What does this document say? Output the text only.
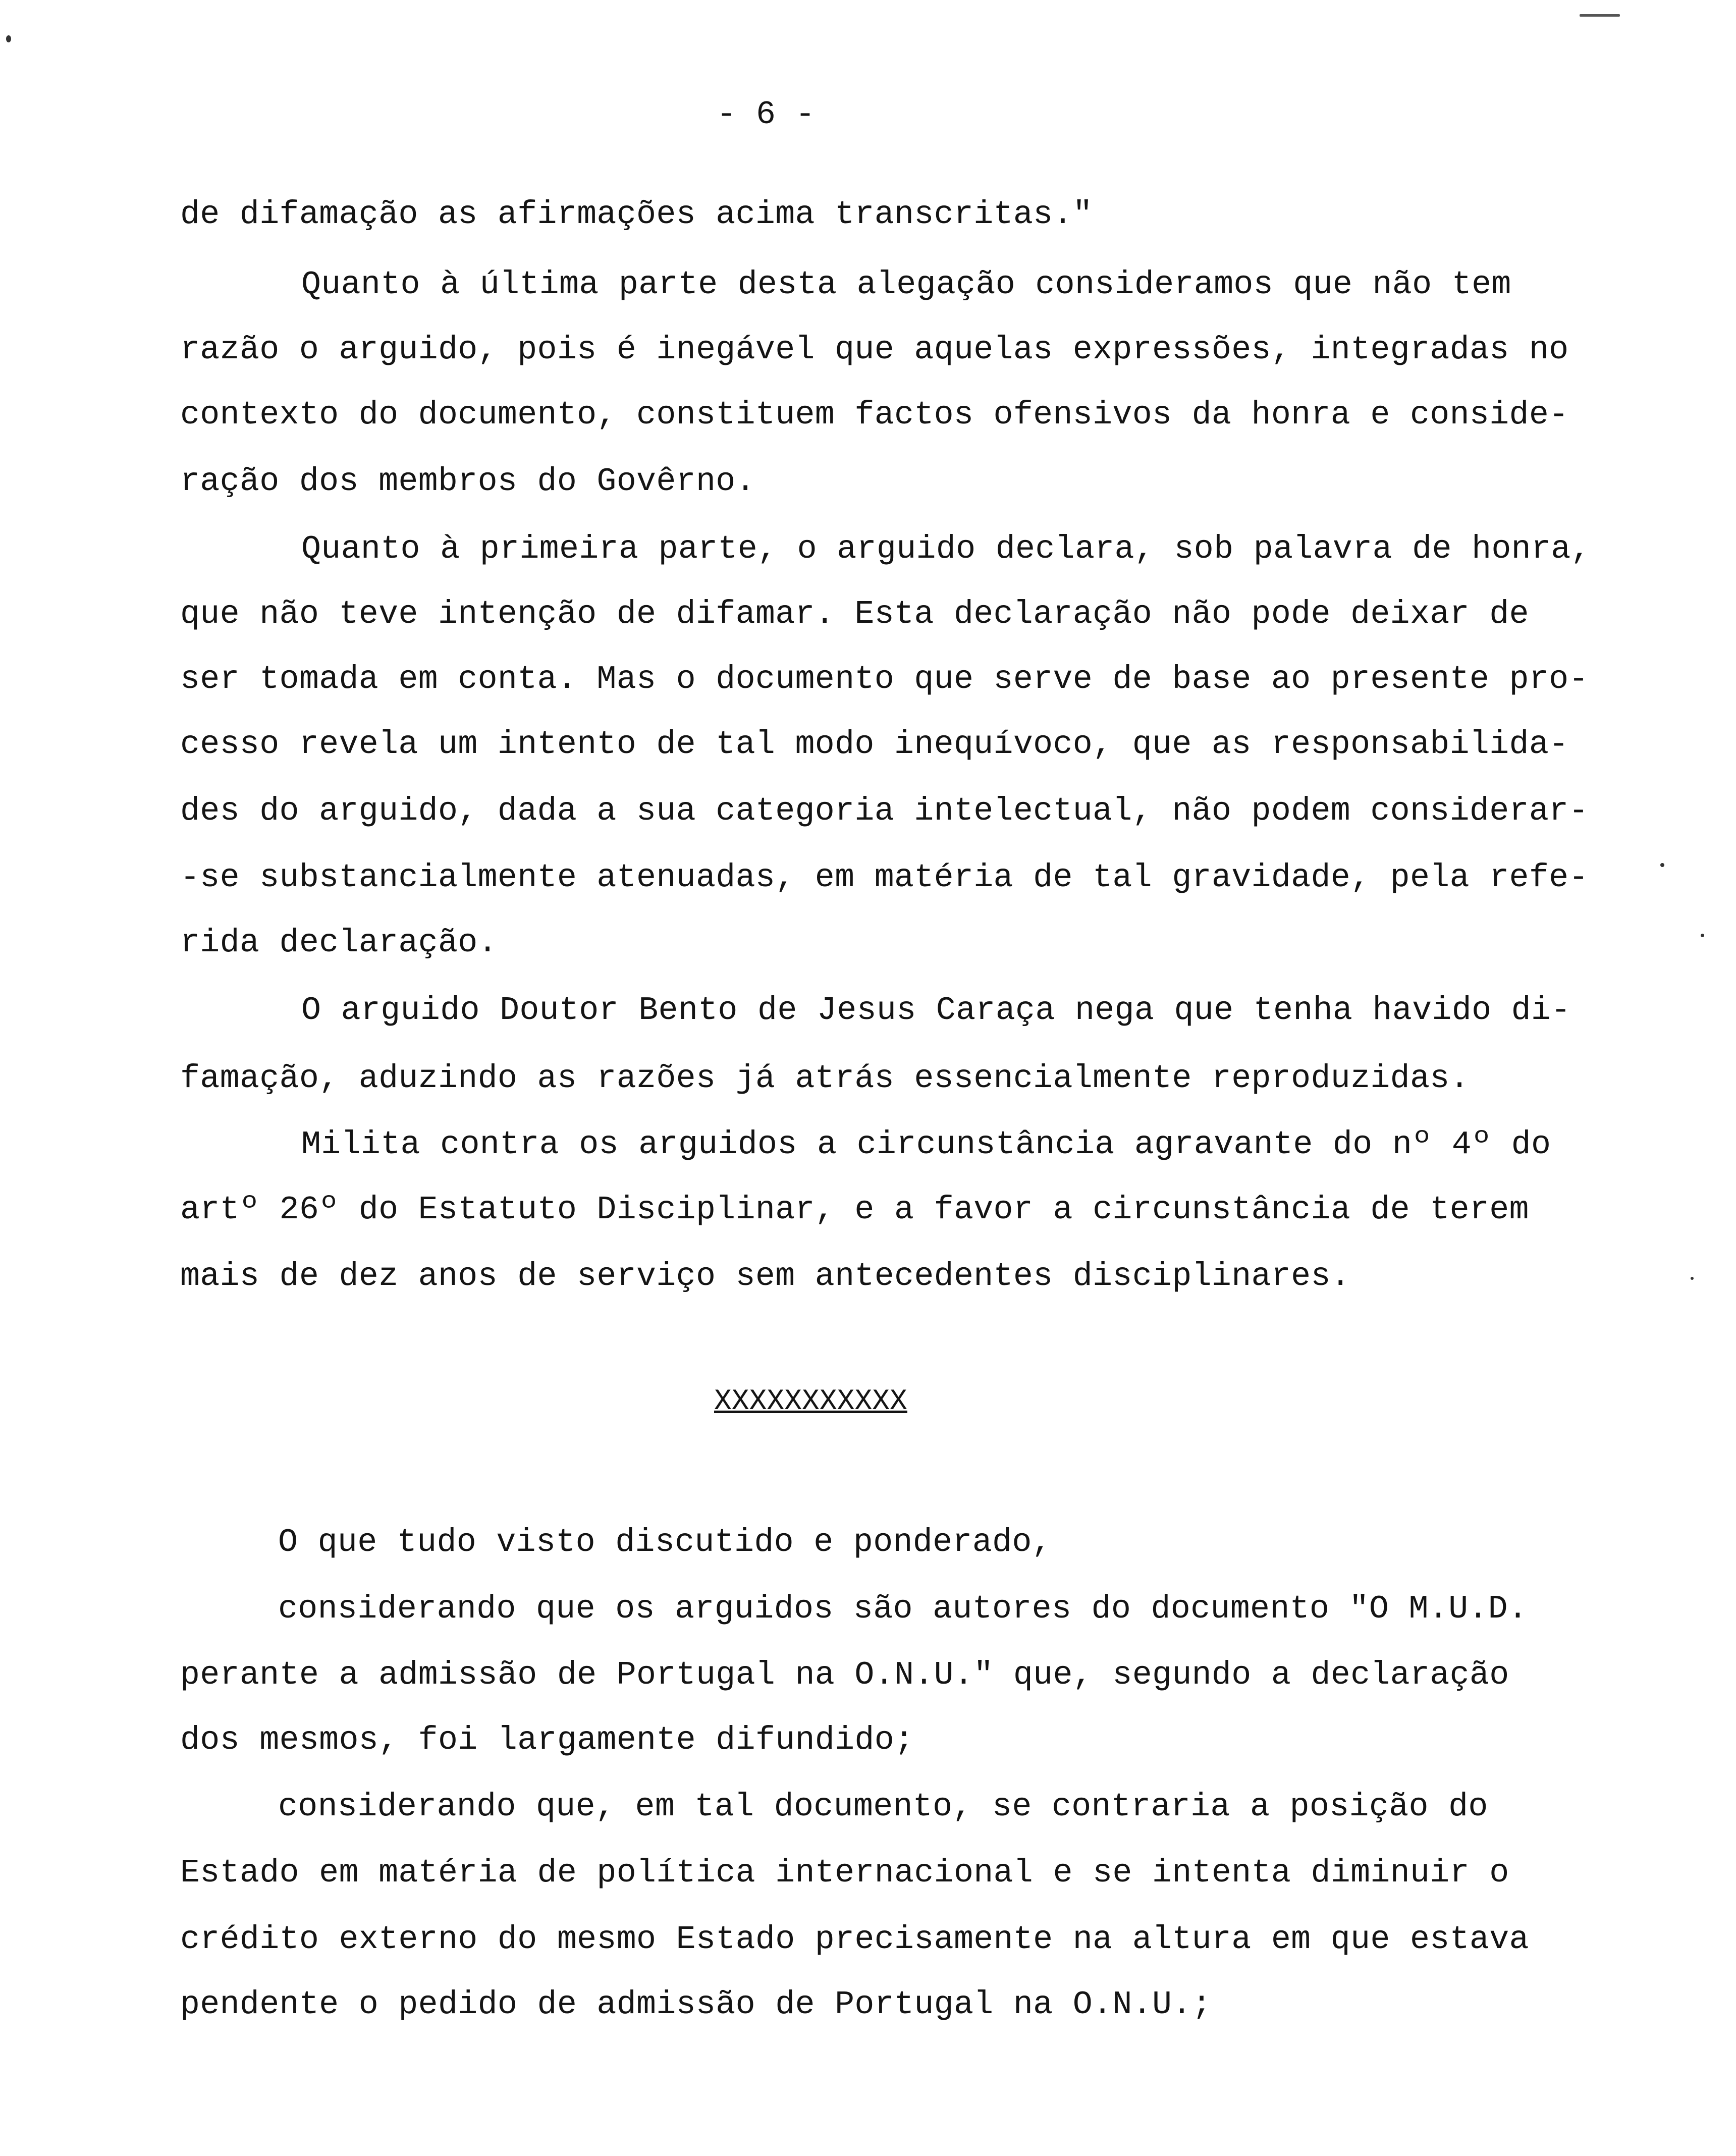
- 6 -
de difamação as afirmações acima transcritas."
Quanto à última parte desta alegação consideramos que não tem
razão o arguido, pois é inegável que aquelas expressões, integradas no
contexto do documento, constituem factos ofensivos da honra e conside-
ração dos membros do Govêrno.
Quanto à primeira parte, o arguido declara, sob palavra de honra,
que não teve intenção de difamar. Esta declaração não pode deixar de
ser tomada em conta. Mas o documento que serve de base ao presente pro-
cesso revela um intento de tal modo inequívoco, que as responsabilida-
des do arguido, dada a sua categoria intelectual, não podem considerar-
-se substancialmente atenuadas, em matéria de tal gravidade, pela refe-
rida declaração.
O arguido Doutor Bento de Jesus Caraça nega que tenha havido di-
famação, aduzindo as razões já atrás essencialmente reproduzidas.
Milita contra os arguidos a circunstância agravante do nº 4º do
artº 26º do Estatuto Disciplinar, e a favor a circunstância de terem
mais de dez anos de serviço sem antecedentes disciplinares.
XXXXXXXXXXX
O que tudo visto discutido e ponderado,
considerando que os arguidos são autores do documento "O M.U.D.
perante a admissão de Portugal na O.N.U." que, segundo a declaração
dos mesmos, foi largamente difundido;
considerando que, em tal documento, se contraria a posição do
Estado em matéria de política internacional e se intenta diminuir o
crédito externo do mesmo Estado precisamente na altura em que estava
pendente o pedido de admissão de Portugal na O.N.U.;
